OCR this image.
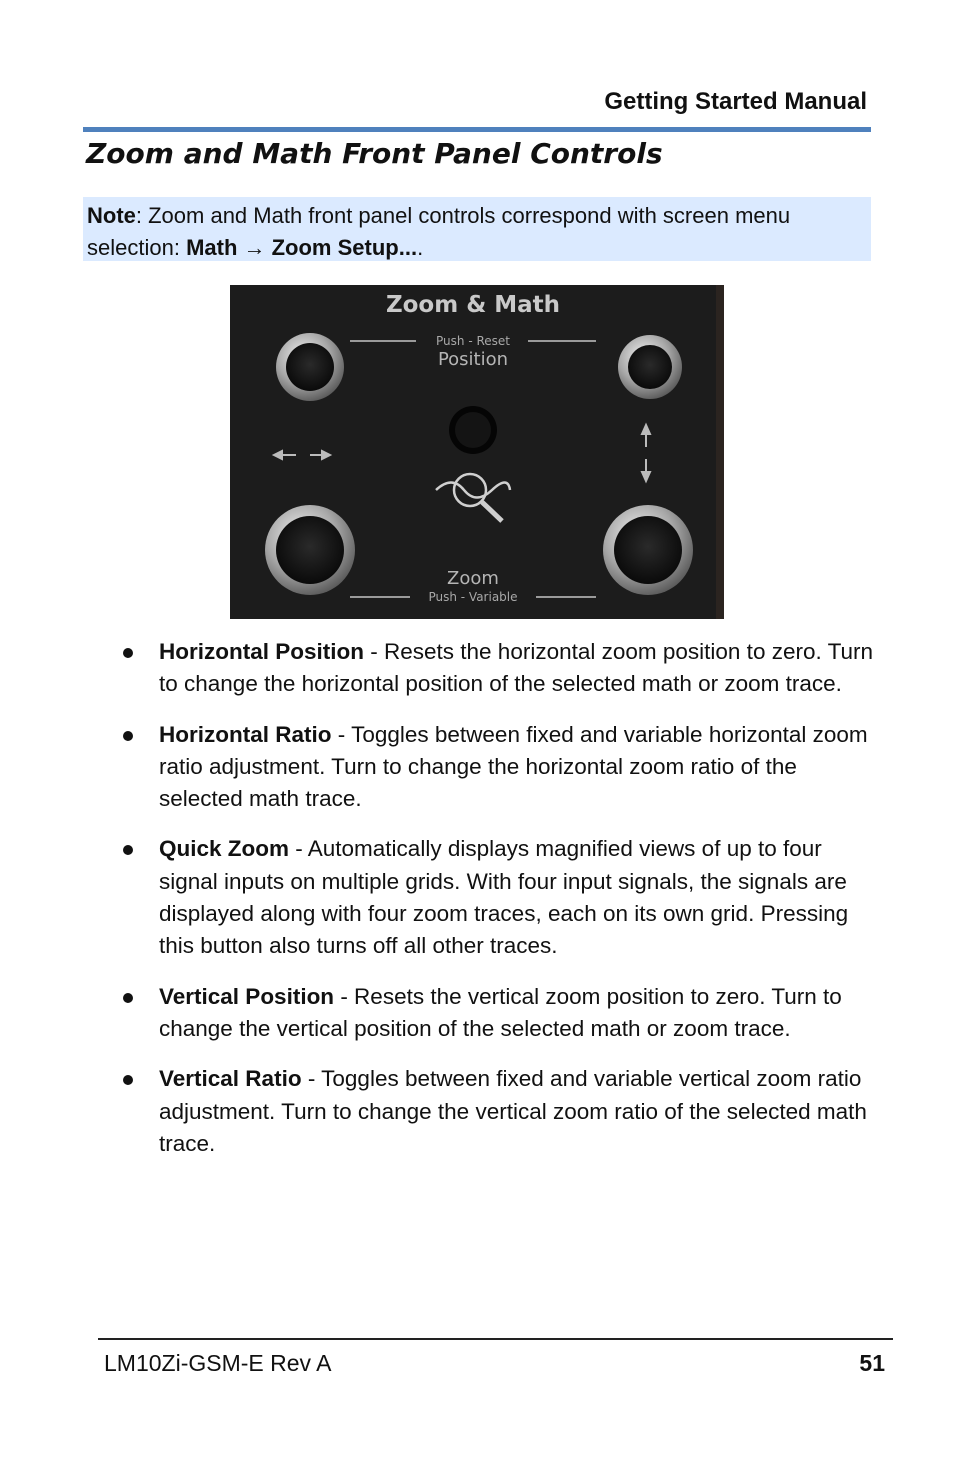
Getting Started Manual
Zoom and Math Front Panel Controls
Note: Zoom and Math front panel controls correspond with screen menu selection: Math → Zoom Setup....
Zoom & Math
Push - Reset
Position
Zoom
Push - Variable
Horizontal Position - Resets the horizontal zoom position to zero. Turn to change the horizontal position of the selected math or zoom trace.
Horizontal Ratio - Toggles between fixed and variable horizontal zoom ratio adjustment. Turn to change the horizontal zoom ratio of the selected math trace.
Quick Zoom - Automatically displays magnified views of up to four signal inputs on multiple grids. With four input signals, the signals are displayed along with four zoom traces, each on its own grid. Pressing this button also turns off all other traces.
Vertical Position - Resets the vertical zoom position to zero. Turn to change the vertical position of the selected math or zoom trace.
Vertical Ratio - Toggles between fixed and variable vertical zoom ratio adjustment. Turn to change the vertical zoom ratio of the selected math trace.
LM10Zi-GSM-E Rev A	51
